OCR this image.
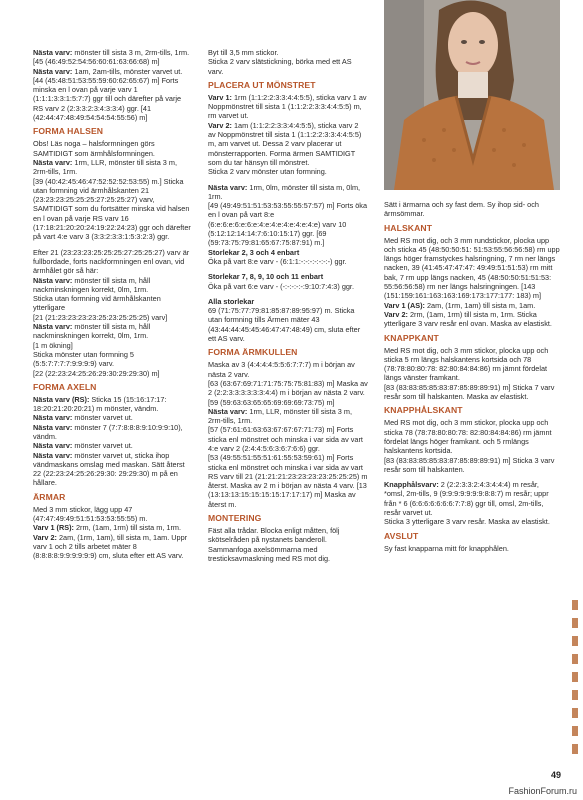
Nästa varv: mönster till sista 3 m, 2rm-tills, 1rm.
[45 (46:49:52:54:56:60:61:63:66:68) m]
Nästa varv: 1am, 2am-tills, mönster varvet ut.
[44 (45:48:51:53:55:59:60:62:65:67) m] Forts minska en l ovan på varje varv 1 (1:1:1:3:3:1:5:7:7) ggr till och därefter på varje RS varv 2 (2:3:3:2:3:4:3:3:4) ggr. [41 (42:44:47:48:49:54:54:54:55:56) m]
FORMA HALSEN
Obs! Läs noga – halsformningen görs SAMTIDIGT som ärmhålsformningen.
Nästa varv: 1rm, LLR, mönster till sista 3 m, 2rm-tills, 1rm.
[39 (40:42:45:46:47:52:52:52:53:55) m.] Sticka utan formning vid ärmhålskanten 21 (23:23:23:25:25:25:27:25:25:27) varv, SAMTIDIGT som du fortsätter minska vid halsen en l ovan på varje RS varv 16 (17:18:21:20:20:24:19:22:24:23) ggr och därefter på vart 4:e varv 3 (3:3:2:3:3:1:5:3:2:3) ggr.
Efter 21 (23:23:23:25:25:25:27:25:25:27) varv är fullbordade, forts nackformningen enl ovan, vid ärmhålet gör så här:
Nästa varv: mönster till sista m, håll nackminskningen korrekt, 0lm, 1rm.
Sticka utan formning vid ärmhålskanten ytterligare
[21 (21:23:23:23:23:25:23:25:25:25) varv]
Nästa varv: mönster till sista m, håll nackminskningen korrekt, 0lm, 1rm.
[1 m ökning]
Sticka mönster utan formning 5 (5:5:7:7:7:7:9:9:9:9) varv.
[22 (22:23:24:25:26:29:30:29:29:30) m]
FORMA AXELN
Nästa varv (RS): Sticka 15 (15:16:17:17: 18:20:21:20:20:21) m mönster, vändm.
Nästa varv: mönster varvet ut.
Nästa varv: mönster 7 (7:7:8:8:8:9:10:9:9:10), vändm.
Nästa varv: mönster varvet ut.
Nästa varv: mönster varvet ut, sticka ihop vändmaskans omslag med maskan. Sätt återst 22 (22:23:24:25:26:29:30: 29:29:30) m på en hållare.
ÄRMAR
Med 3 mm stickor, lägg upp 47 (47:47:49:49:51:51:53:53:55:55) m.
Varv 1 (RS): 2rm, (1am, 1rm) till sista m, 1rm.
Varv 2: 2am, (1rm, 1am), till sista m, 1am. Uppr varv 1 och 2 tills arbetet mäter 8 (8:8:8:8:9:9:9:9:9:9) cm, sluta efter ett AS varv.
Byt till 3,5 mm stickor.
Sticka 2 varv slätstickning, börka med ett AS varv.
PLACERA UT MÖNSTRET
Varv 1: 1rm (1:1:2:2:3:3:4:4:5:5), sticka varv 1 av Noppmönstret till sista 1 (1:1:2:2:3:3:4:4:5:5) m, rm varvet ut.
Varv 2: 1am (1:1:2:2:3:3:4:4:5:5), sticka varv 2 av Noppmönstret till sista 1 (1:1:2:2:3:3:4:4:5:5) m, am varvet ut. Dessa 2 varv placerar ut mönsterrapporten. Forma ärmen SAMTIDIGT som du tar hänsyn till mönstret.
Sticka 2 varv mönster utan formning.
Nästa varv: 1rm, 0lm, mönster till sista m, 0lm, 1rm.
[49 (49:49:51:51:53:53:55:55:57:57) m] Forts öka en l ovan på vart 8:e (6:e:6:e:6:e:6:e:4:e:4:e:4:e:4:e:4:e) varv 10 (5:12:12:14:14:7:6:10:15:17) ggr. [69 (59:73:75:79:81:65:67:75:87:91) m.]
Storlekar 2, 3 och 4 enbart
Öka på vart 8:e varv - (6:1:1:-:-:-:-:-:-:-) ggr.
Storlekar 7, 8, 9, 10 och 11 enbart
Öka på vart 6:e varv - (-:-:-:-:-:9:10:7:4:3) ggr.
Alla storlekar
69 (71:75:77:79:81:85:87:89:95:97) m. Sticka utan formning tills Ärmen mäter 43 (43:44:44:45:45:46:47:47:48:49) cm, sluta efter ett AS varv.
FORMA ÄRMKULLEN
Maska av 3 (4:4:4:4:5:5:6:7:7:7) m i början av nästa 2 varv.
[63 (63:67:69:71:71:75:75:75:81:83) m] Maska av 2 (2:2:3:3:3:3:3:3:4:4) m i början av nästa 2 varv.
[59 (59:63:63:65:65:69:69:69:73:75) m]
Nästa varv: 1rm, LLR, mönster till sista 3 m, 2rm-tills, 1rm.
[57 (57:61:61:63:63:67:67:67:71:73) m] Forts sticka enl mönstret och minska i var sida av vart 4:e varv 2 (2:4:4:5:6:3:6:7:6:6) ggr.
[53 (49:55:51:55:51:61:55:53:59:61) m] Forts sticka enl mönstret och minska i var sida av vart RS varv till 21 (21:21:21:23:23:23:23:25:25:25) m återst. Maska av 2 m i början av nästa 4 varv. [13 (13:13:13:15:15:15:15:17:17:17) m] Maska av återst m.
MONTERING
Fäst alla trådar. Blocka enligt måtten, följ skötselråden på nystanets banderoll. Sammanfoga axelsömmarna med tresticksavmaskning med RS mot dig.
Sätt i ärmarna och sy fast dem. Sy ihop sid- och ärmsömmar.
HALSKANT
Med RS mot dig, och 3 mm rundstickor, plocka upp och sticka 45 (48:50:50:51: 51:53:55:56:56:58) rm upp längs höger framstyckes halsringning, 7 rm ner längs nacken, 39 (41:45:47:47:47: 49:49:51:51:53) rm mitt bak, 7 rm upp längs nacken, 45 (48:50:50:51:51:53: 55:56:56:58) rm ner längs halsringningen. [143 (151:159:161:163:163:169:173:177:177: 183) m]
Varv 1 (AS): 2am, (1rm, 1am) till sista m, 1am.
Varv 2: 2rm, (1am, 1rm) till sista m, 1rm. Sticka ytterligare 3 varv resår enl ovan. Maska av elastiskt.
KNAPPKANT
Med RS mot dig, och 3 mm stickor, plocka upp och sticka 5 rm längs halskantens kortsida och 78 (78:78:80:80:78: 82:80:84:84:86) rm jämnt fördelat längs vänster framkant.
[83 (83:83:85:85:83:87:85:89:89:91) m] Sticka 7 varv resår som till halskanten. Maska av elastiskt.
KNAPPHÅLSKANT
Med RS mot dig, och 3 mm stickor, plocka upp och sticka 78 (78:78:80:80:78: 82:80:84:84:86) rm jämnt fördelat längs höger framkant. och 5 rmlängs halskantens kortsida.
[83 (83:83:85:85:83:87:85:89:89:91) m] Sticka 3 varv resår som till halskanten.
Knapphålsvarv: 2 (2:2:3:3:2:4:3:4:4:4) m resår, *omsl, 2m-tills, 9 (9:9:9:9:9:9:9:8:8:7) m resår; uppr från * 6 (6:6:6:6:6:6:6:7:7:8) ggr till, omsl, 2m-tills, resår varvet ut.
Sticka 3 ytterligare 3 varv resår. Maska av elastiskt.
AVSLUT
Sy fast knapparna mitt för knapphålen.
49
FashionForum.ru
